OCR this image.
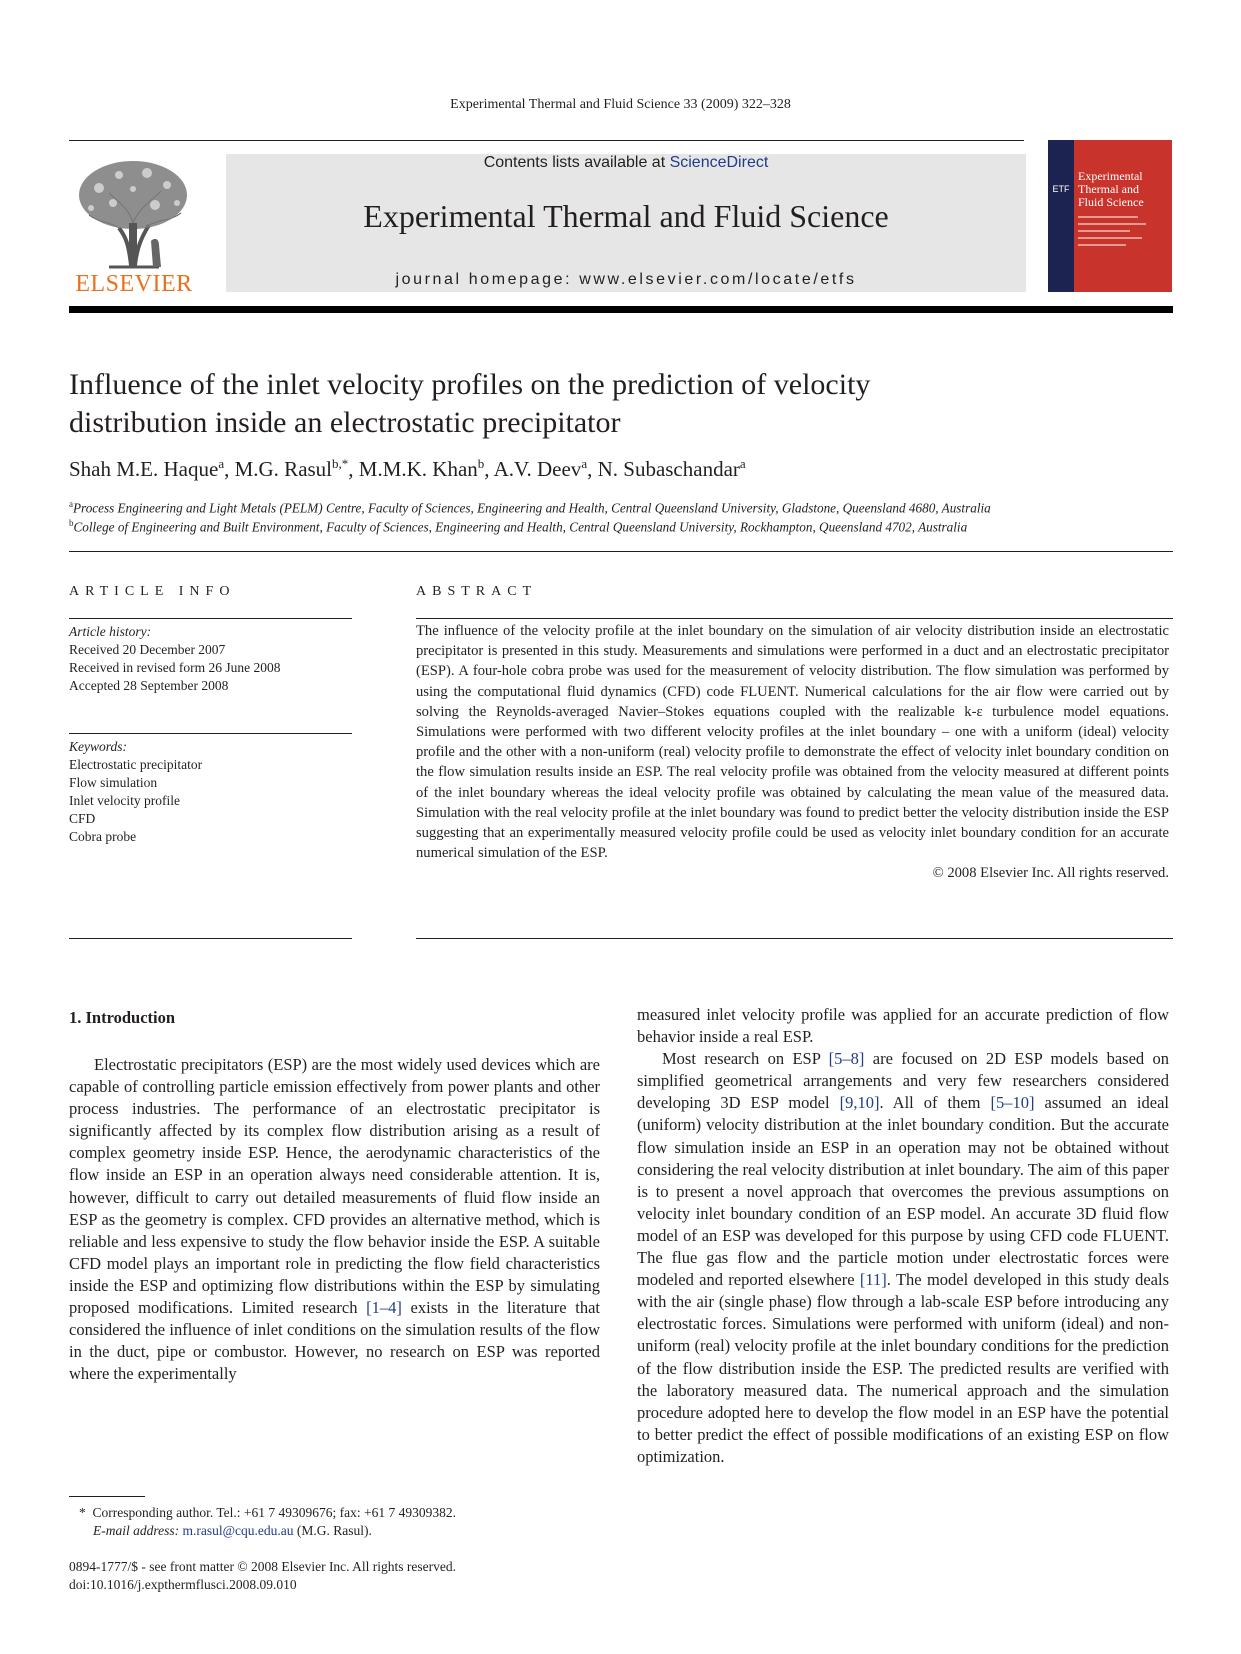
Experimental Thermal and Fluid Science 33 (2009) 322–328
ELSEVIER
Contents lists available at ScienceDirect
Experimental Thermal and Fluid Science
journal homepage: www.elsevier.com/locate/etfs
ETF
Experimental
Thermal and
Fluid Science
Influence of the inlet velocity profiles on the prediction of velocity
distribution inside an electrostatic precipitator
Shah M.E. Haque$^a$, M.G. Rasul$^{b,*}$, M.M.K. Khan$^b$, A.V. Deev$^a$, N. Subaschandar$^a$
$^a$Process Engineering and Light Metals (PELM) Centre, Faculty of Sciences, Engineering and Health, Central Queensland University, Gladstone, Queensland 4680, Australia
$^b$College of Engineering and Built Environment, Faculty of Sciences, Engineering and Health, Central Queensland University, Rockhampton, Queensland 4702, Australia
ARTICLE INFO
Article history:
Received 20 December 2007
Received in revised form 26 June 2008
Accepted 28 September 2008
Keywords:
Electrostatic precipitator
Flow simulation
Inlet velocity profile
CFD
Cobra probe
ABSTRACT

The influence of the velocity profile at the inlet boundary on the simulation of air velocity distribution inside an electrostatic precipitator is presented in this study. Measurements and simulations were performed in a duct and an electrostatic precipitator (ESP). A four-hole cobra probe was used for the measurement of velocity distribution. The flow simulation was performed by using the computational fluid dynamics (CFD) code FLUENT. Numerical calculations for the air flow were carried out by solving the Reynolds-averaged Navier–Stokes equations coupled with the realizable k-ε turbulence model equations. Simulations were performed with two different velocity profiles at the inlet boundary – one with a uniform (ideal) velocity profile and the other with a non-uniform (real) velocity profile to demonstrate the effect of velocity inlet boundary condition on the flow simulation results inside an ESP. The real velocity profile was obtained from the velocity measured at different points of the inlet boundary whereas the ideal velocity profile was obtained by calculating the mean value of the measured data. Simulation with the real velocity profile at the inlet boundary was found to predict better the velocity distribution inside the ESP suggesting that an experimentally measured velocity profile could be used as velocity inlet boundary condition for an accurate numerical simulation of the ESP.

© 2008 Elsevier Inc. All rights reserved.
1. Introduction

Electrostatic precipitators (ESP) are the most widely used devices which are capable of controlling particle emission effectively from power plants and other process industries. The performance of an electrostatic precipitator is significantly affected by its complex flow distribution arising as a result of complex geometry inside ESP. Hence, the aerodynamic characteristics of the flow inside an ESP in an operation always need considerable attention. It is, however, difficult to carry out detailed measurements of fluid flow inside an ESP as the geometry is complex. CFD provides an alternative method, which is reliable and less expensive to study the flow behavior inside the ESP. A suitable CFD model plays an important role in predicting the flow field characteristics inside the ESP and optimizing flow distributions within the ESP by simulating proposed modifications. Limited research [1–4] exists in the literature that considered the influence of inlet conditions on the simulation results of the flow in the duct, pipe or combustor. However, no research on ESP was reported where the experimentally

measured inlet velocity profile was applied for an accurate prediction of flow behavior inside a real ESP.

Most research on ESP [5–8] are focused on 2D ESP models based on simplified geometrical arrangements and very few researchers considered developing 3D ESP model [9,10]. All of them [5–10] assumed an ideal (uniform) velocity distribution at the inlet boundary condition. But the accurate flow simulation inside an ESP in an operation may not be obtained without considering the real velocity distribution at inlet boundary. The aim of this paper is to present a novel approach that overcomes the previous assumptions on velocity inlet boundary condition of an ESP model. An accurate 3D fluid flow model of an ESP was developed for this purpose by using CFD code FLUENT. The flue gas flow and the particle motion under electrostatic forces were modeled and reported elsewhere [11]. The model developed in this study deals with the air (single phase) flow through a lab-scale ESP before introducing any electrostatic forces. Simulations were performed with uniform (ideal) and non-uniform (real) velocity profile at the inlet boundary conditions for the prediction of the flow distribution inside the ESP. The predicted results are verified with the laboratory measured data. The numerical approach and the simulation procedure adopted here to develop the flow model in an ESP have the potential to better predict the effect of possible modifications of an existing ESP on flow optimization.

* Corresponding author. Tel.: +61 7 49309676; fax: +61 7 49309382.
E-mail address: m.rasul@cqu.edu.au (M.G. Rasul).
0894-1777/$ - see front matter © 2008 Elsevier Inc. All rights reserved.
doi:10.1016/j.expthermflusci.2008.09.010
